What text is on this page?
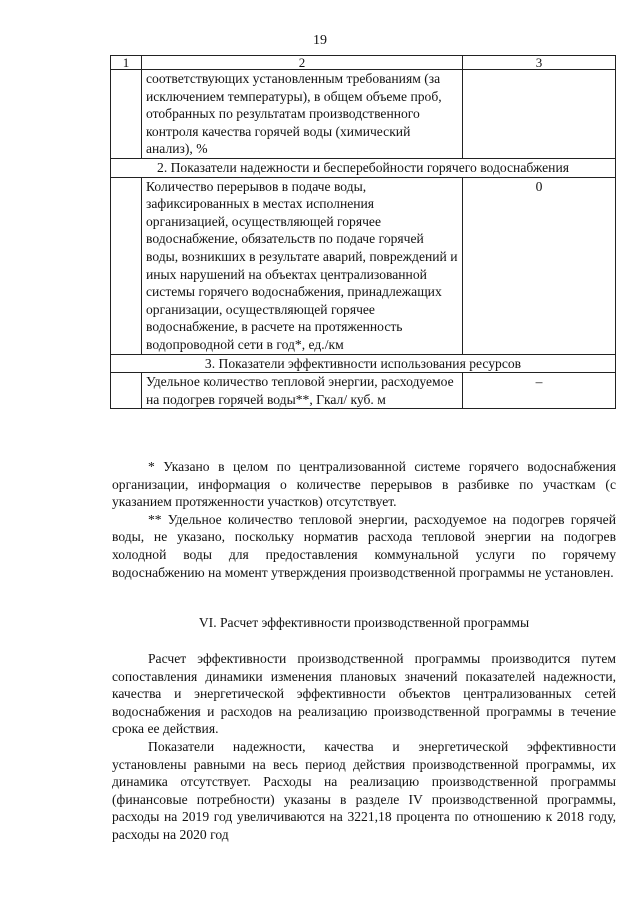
19
1	2	3
	соответствующих установленным требованиям (за исключением температуры), в общем объеме проб, отобранных по результатам производственного контроля качества горячей воды (химический анализ), %	
2. Показатели надежности и бесперебойности горячего водоснабжения		
	Количество перерывов в подаче воды, зафиксированных в местах исполнения организацией, осуществляющей горячее водоснабжение, обязательств по подаче горячей воды, возникших в результате аварий, повреждений и иных нарушений на объектах централизованной системы горячего водоснабжения, принадлежащих организации, осуществляющей горячее водоснабжение, в расчете на протяженность водопроводной сети в год*, ед./км	0
3. Показатели эффективности использования ресурсов		
	Удельное количество тепловой энергии, расходуемое на подогрев горячей воды**, Гкал/ куб. м	–

* Указано в целом по централизованной системе горячего водоснабжения организации, информация о количестве перерывов в разбивке по участкам (с указанием протяженности участков) отсутствует.

** Удельное количество тепловой энергии, расходуемое на подогрев горячей воды, не указано, поскольку норматив расхода тепловой энергии на подогрев холодной воды для предоставления коммунальной услуги по горячему водоснабжению на момент утверждения производственной программы не установлен.

VI. Расчет эффективности производственной программы

Расчет эффективности производственной программы производится путем сопоставления динамики изменения плановых значений показателей надежности, качества и энергетической эффективности объектов централизованных сетей водоснабжения и расходов на реализацию производственной программы в течение срока ее действия.

Показатели надежности, качества и энергетической эффективности установлены равными на весь период действия производственной программы, их динамика отсутствует. Расходы на реализацию производственной программы (финансовые потребности) указаны в разделе IV производственной программы, расходы на 2019 год увеличиваются на 3221,18 процента по отношению к 2018 году, расходы на 2020 год
